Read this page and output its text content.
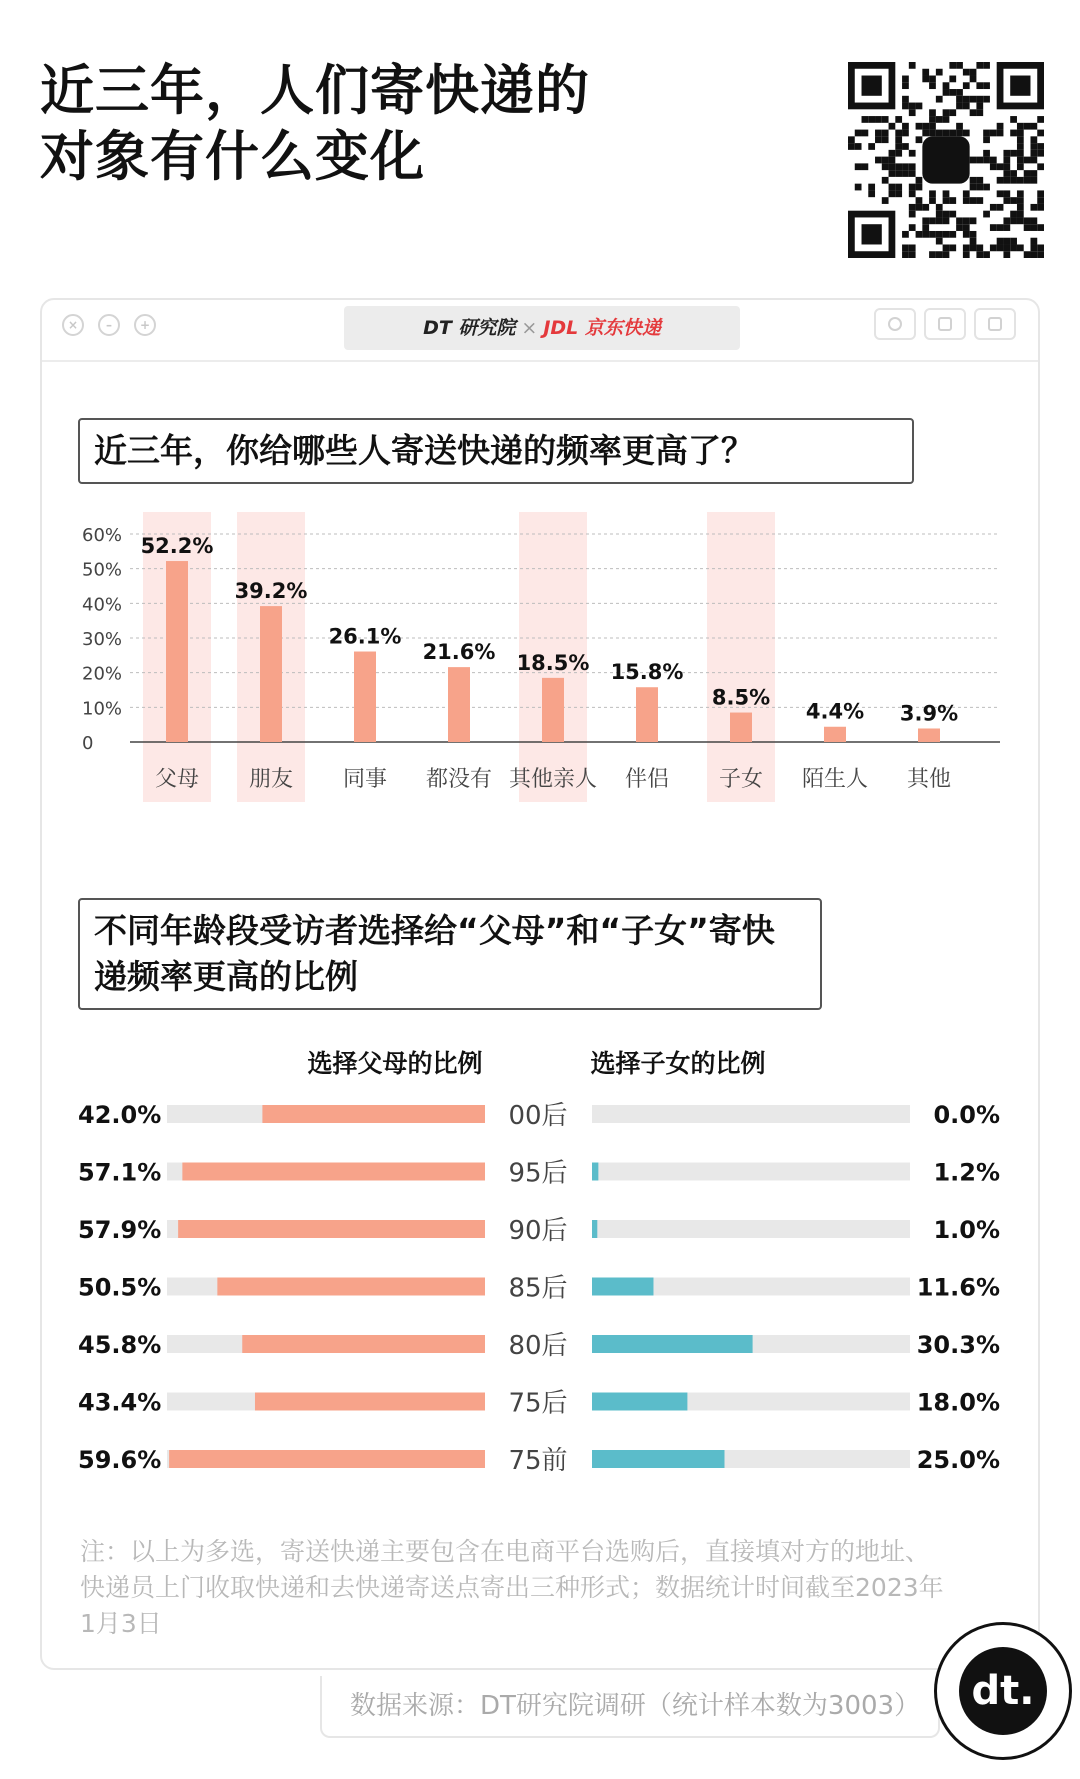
近三年，人们寄快递的
对象有什么变化
×	–	+	DT 研究院 × JDL 京东快递
近三年，你给哪些人寄送快递的频率更高了？
0
10%
20%
30%
40%
50%
60% 52.2%
父母
39.2%
朋友
26.1%
同事
21.6%
都没有
18.5%
其他亲人
15.8%
伴侣
8.5%
子女
4.4%
陌生人
3.9%
其他
不同年龄段受访者选择给“父母”和“子女”寄快递频率更高的比例
选择父母的比例	选择子女的比例
42.0%	00后	0.0%
57.1%	95后	1.2%
57.9%	90后	1.0%
50.5%	85后	11.6%
45.8%	80后	30.3%
43.4%	75后	18.0%
59.6%	75前	25.0%
注：以上为多选，寄送快递主要包含在电商平台选购后，直接填对方的地址、快递员上门收取快递和去快递寄送点寄出三种形式；数据统计时间截至2023年1月3日
数据来源：DT研究院调研（统计样本数为3003）	dt.
